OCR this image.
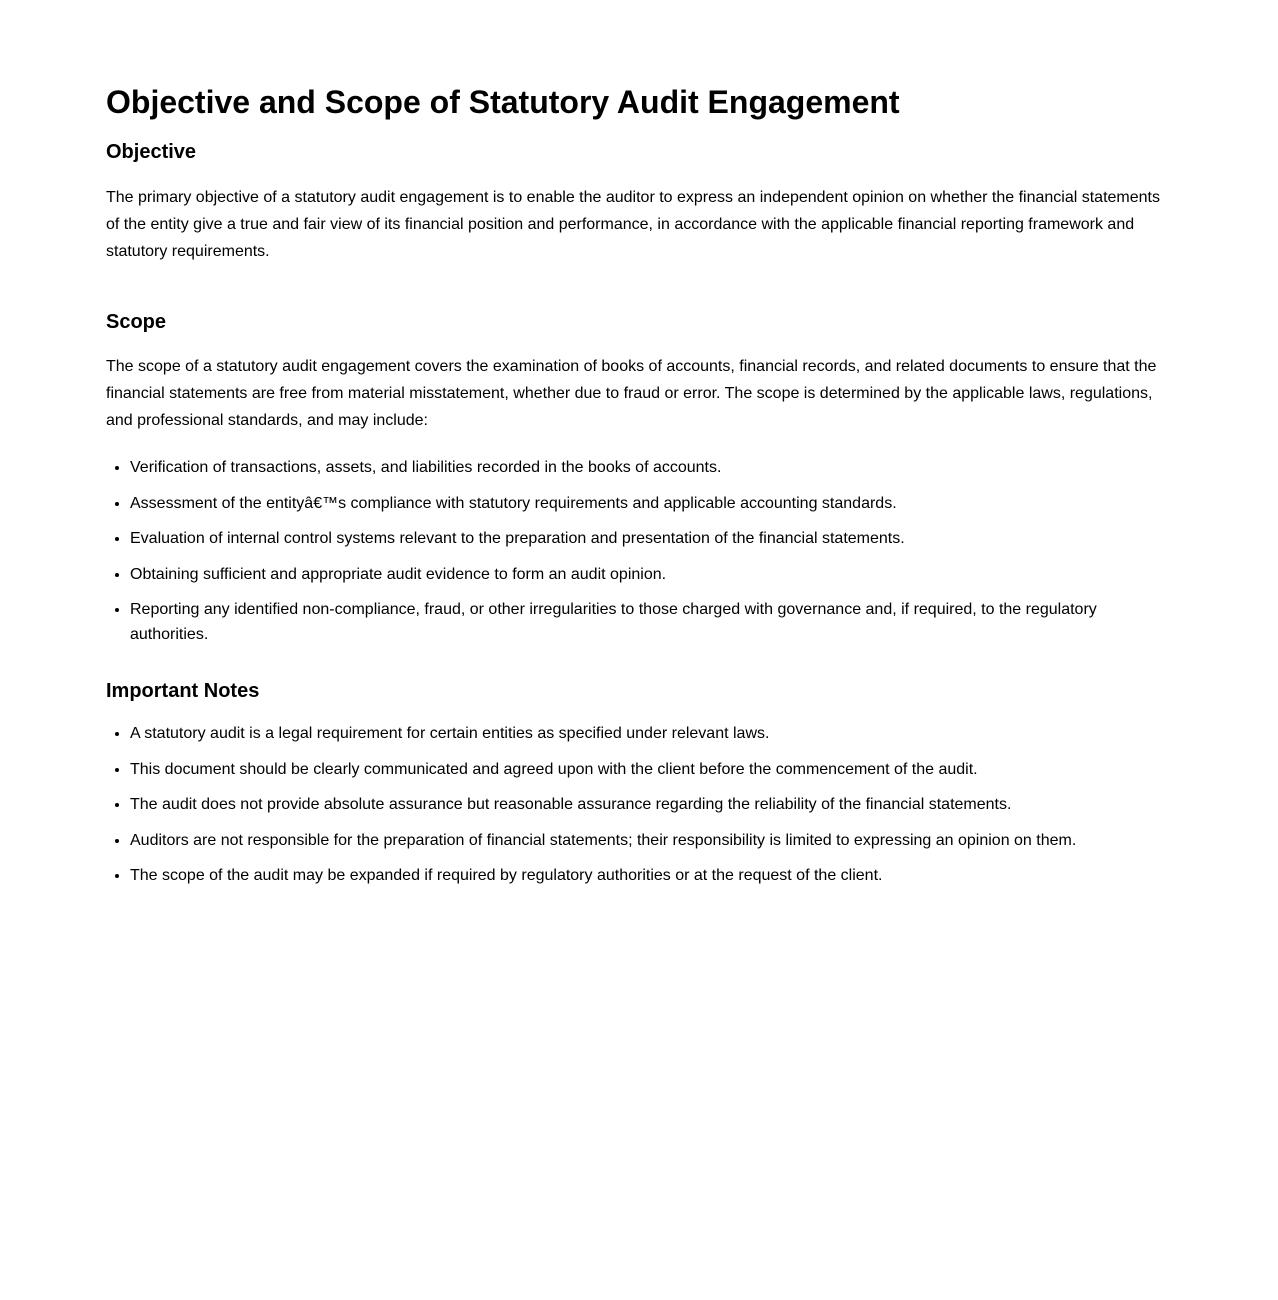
Objective and Scope of Statutory Audit Engagement
Objective

The primary objective of a statutory audit engagement is to enable the auditor to express an independent opinion on whether the financial statements of the entity give a true and fair view of its financial position and performance, in accordance with the applicable financial reporting framework and statutory requirements.

Scope

The scope of a statutory audit engagement covers the examination of books of accounts, financial records, and related documents to ensure that the financial statements are free from material misstatement, whether due to fraud or error. The scope is determined by the applicable laws, regulations, and professional standards, and may include:

• Verification of transactions, assets, and liabilities recorded in the books of accounts.
• Assessment of the entityâ€™s compliance with statutory requirements and applicable accounting standards.
• Evaluation of internal control systems relevant to the preparation and presentation of the financial statements.
• Obtaining sufficient and appropriate audit evidence to form an audit opinion.
• Reporting any identified non-compliance, fraud, or other irregularities to those charged with governance and, if required, to the regulatory authorities.
Important Notes
• A statutory audit is a legal requirement for certain entities as specified under relevant laws.
• This document should be clearly communicated and agreed upon with the client before the commencement of the audit.
• The audit does not provide absolute assurance but reasonable assurance regarding the reliability of the financial statements.
• Auditors are not responsible for the preparation of financial statements; their responsibility is limited to expressing an opinion on them.
• The scope of the audit may be expanded if required by regulatory authorities or at the request of the client.
